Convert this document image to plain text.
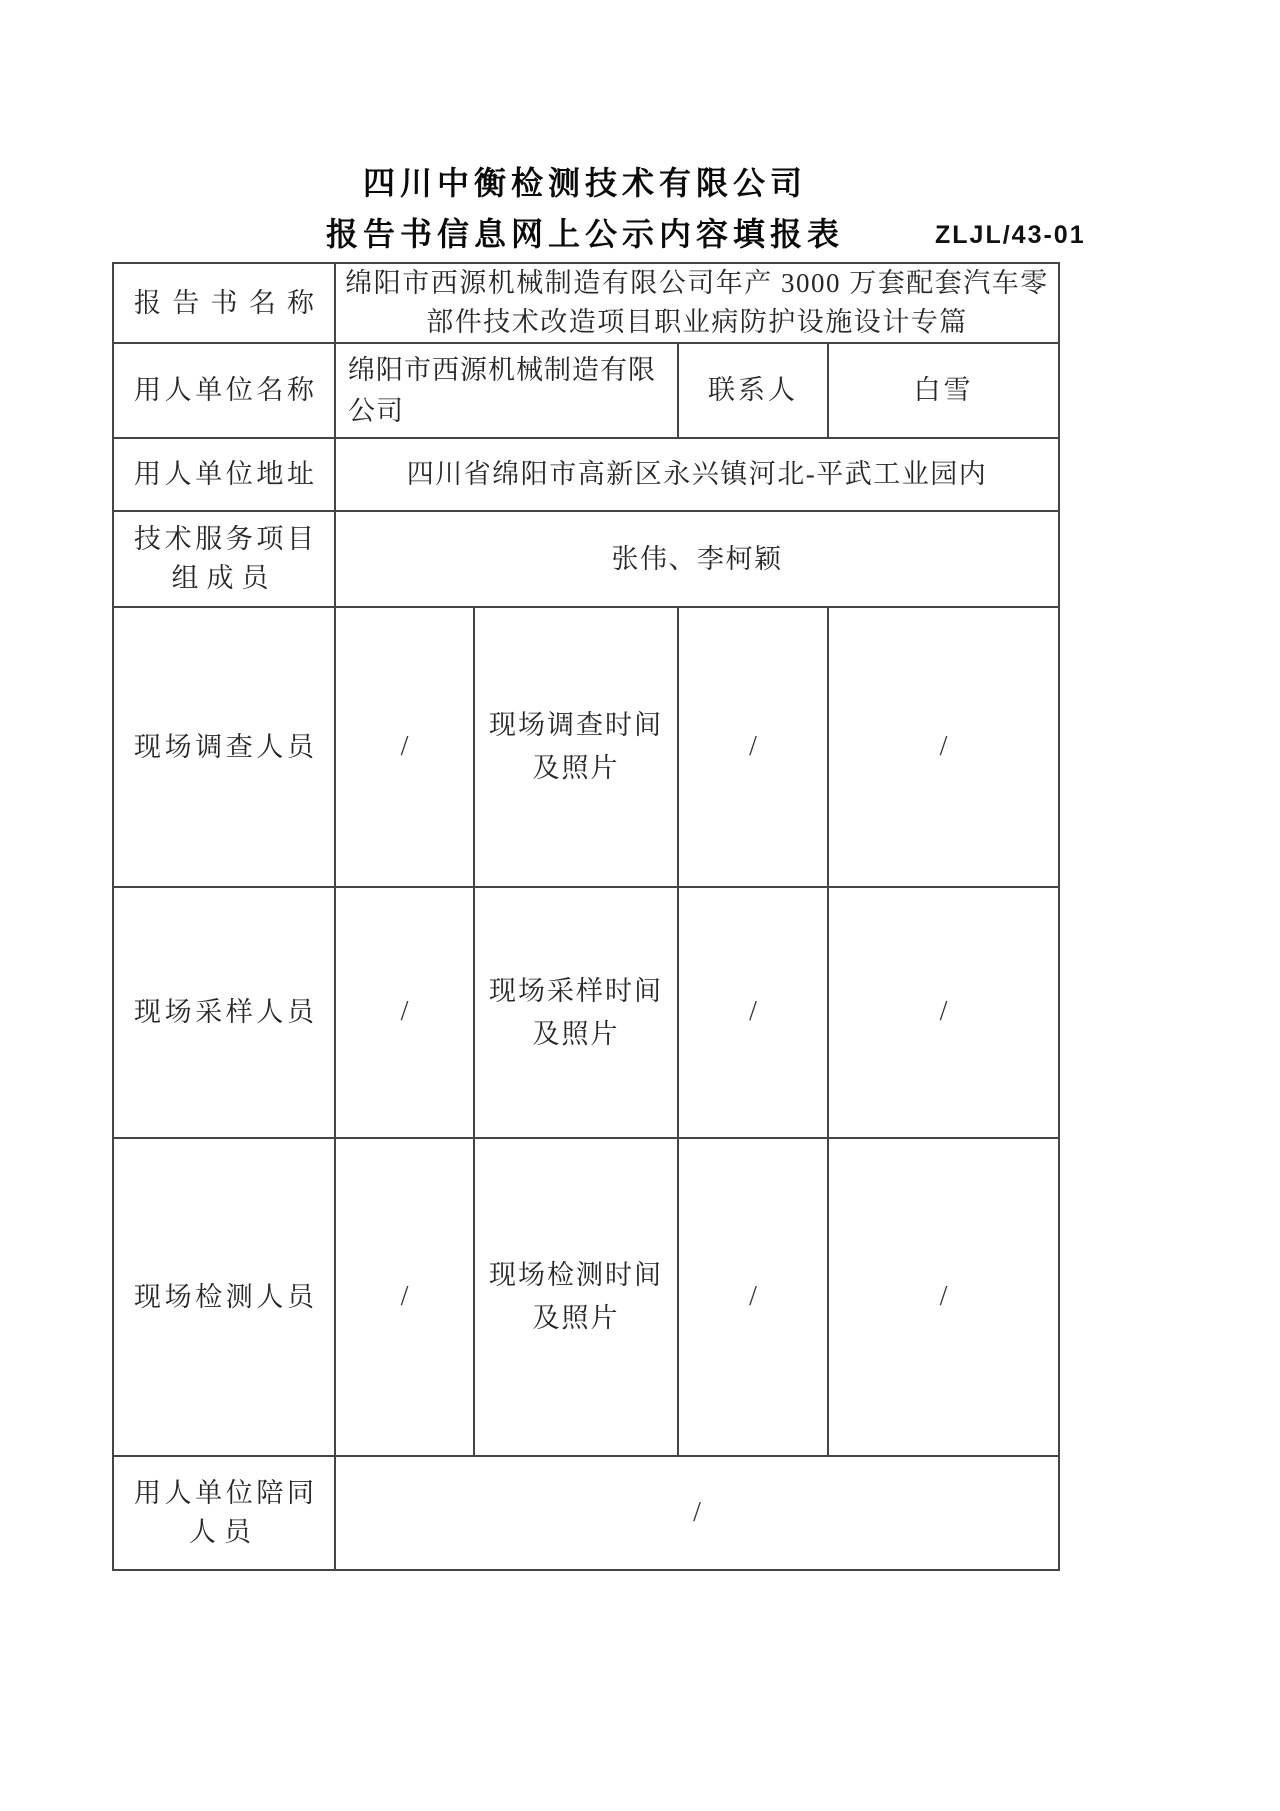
四川中衡检测技术有限公司
报告书信息网上公示内容填报表	ZLJL/43-01
报告书名称	绵阳市西源机械制造有限公司年产 3000 万套配套汽车零
部件技术改造项目职业病防护设施设计专篇			

用人单位名称	绵阳市西源机械制造有限公司		联系人	白雪

用人单位地址	四川省绵阳市高新区永兴镇河北-平武工业园内			

技术服务项目
组成员	张伟、李柯颖			

现场调查人员	/	现场调查时间
及照片	/	/

现场采样人员	/	现场采样时间
及照片	/	/

现场检测人员	/	现场检测时间
及照片	/	/

用人单位陪同
人员	/			
